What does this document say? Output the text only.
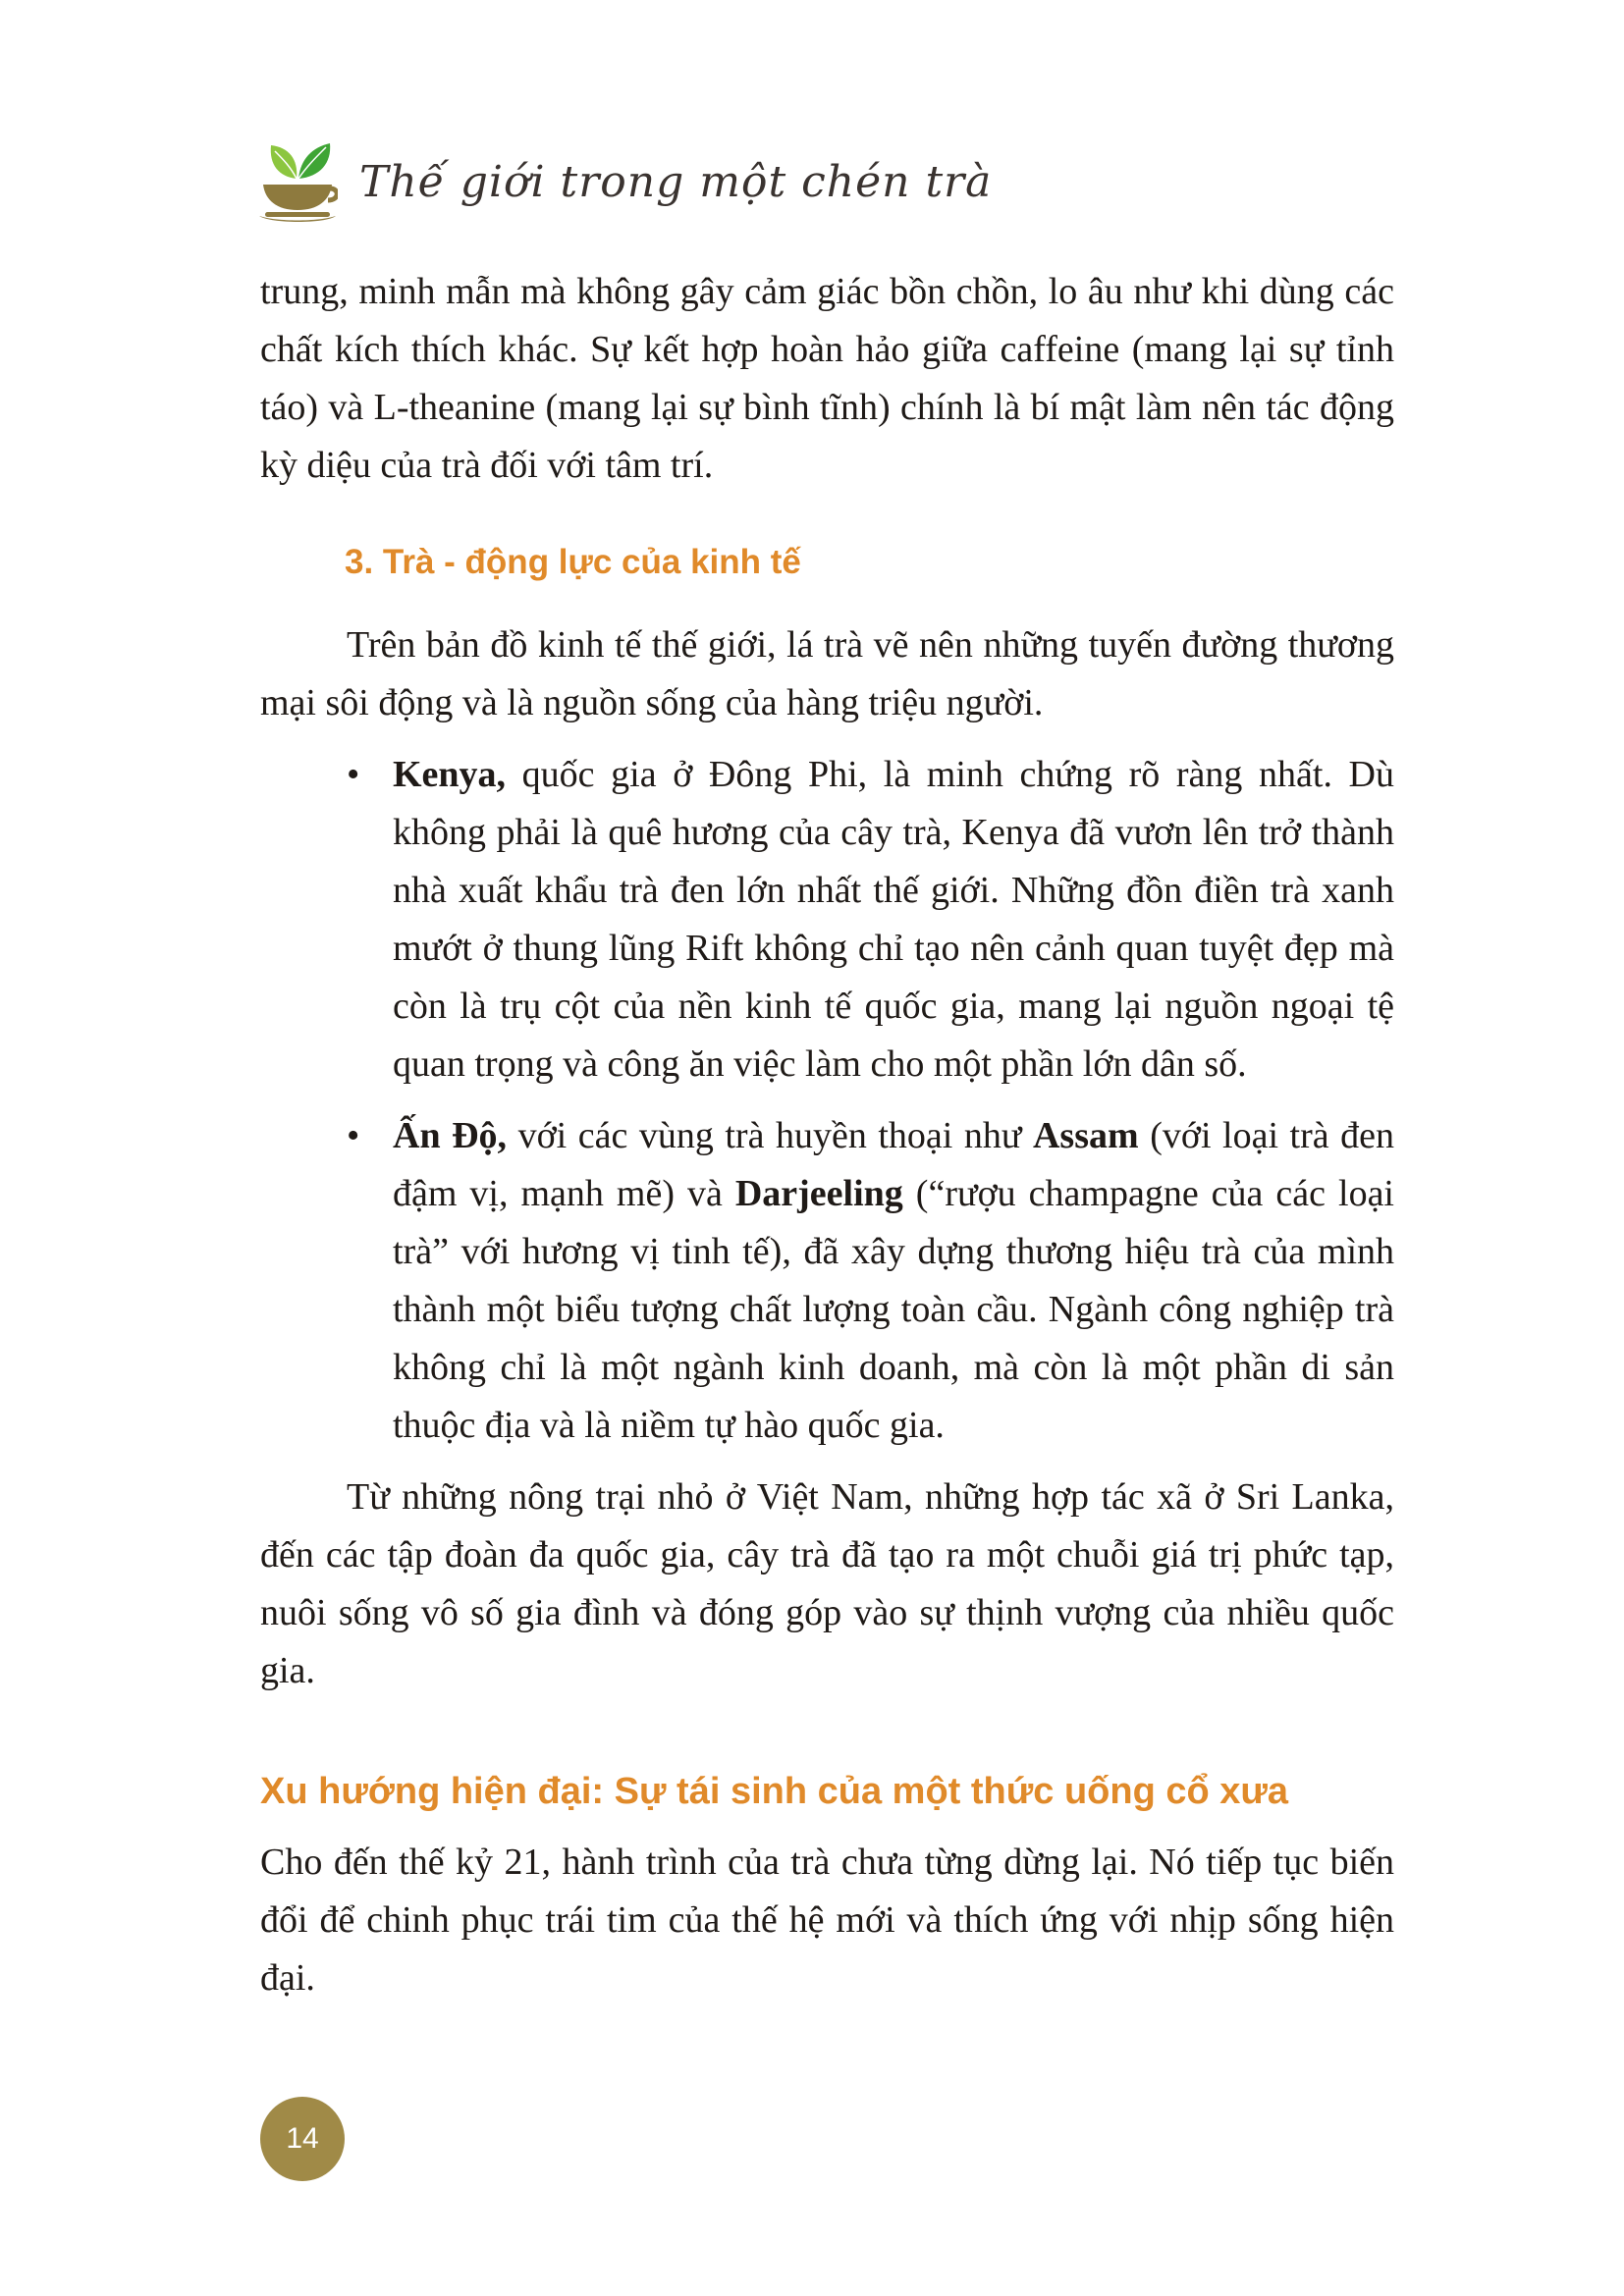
Thế giới trong một chén trà

trung, minh mẫn mà không gây cảm giác bồn chồn, lo âu như khi dùng các chất kích thích khác. Sự kết hợp hoàn hảo giữa caffeine (mang lại sự tỉnh táo) và L-theanine (mang lại sự bình tĩnh) chính là bí mật làm nên tác động kỳ diệu của trà đối với tâm trí.

3. Trà - động lực của kinh tế

Trên bản đồ kinh tế thế giới, lá trà vẽ nên những tuyến đường thương mại sôi động và là nguồn sống của hàng triệu người.

• Kenya, quốc gia ở Đông Phi, là minh chứng rõ ràng nhất. Dù không phải là quê hương của cây trà, Kenya đã vươn lên trở thành nhà xuất khẩu trà đen lớn nhất thế giới. Những đồn điền trà xanh mướt ở thung lũng Rift không chỉ tạo nên cảnh quan tuyệt đẹp mà còn là trụ cột của nền kinh tế quốc gia, mang lại nguồn ngoại tệ quan trọng và công ăn việc làm cho một phần lớn dân số.
• Ấn Độ, với các vùng trà huyền thoại như Assam (với loại trà đen đậm vị, mạnh mẽ) và Darjeeling (“rượu champagne của các loại trà” với hương vị tinh tế), đã xây dựng thương hiệu trà của mình thành một biểu tượng chất lượng toàn cầu. Ngành công nghiệp trà không chỉ là một ngành kinh doanh, mà còn là một phần di sản thuộc địa và là niềm tự hào quốc gia.

Từ những nông trại nhỏ ở Việt Nam, những hợp tác xã ở Sri Lanka, đến các tập đoàn đa quốc gia, cây trà đã tạo ra một chuỗi giá trị phức tạp, nuôi sống vô số gia đình và đóng góp vào sự thịnh vượng của nhiều quốc gia.

Xu hướng hiện đại: Sự tái sinh của một thức uống cổ xưa

Cho đến thế kỷ 21, hành trình của trà chưa từng dừng lại. Nó tiếp tục biến đổi để chinh phục trái tim của thế hệ mới và thích ứng với nhịp sống hiện đại.

14
